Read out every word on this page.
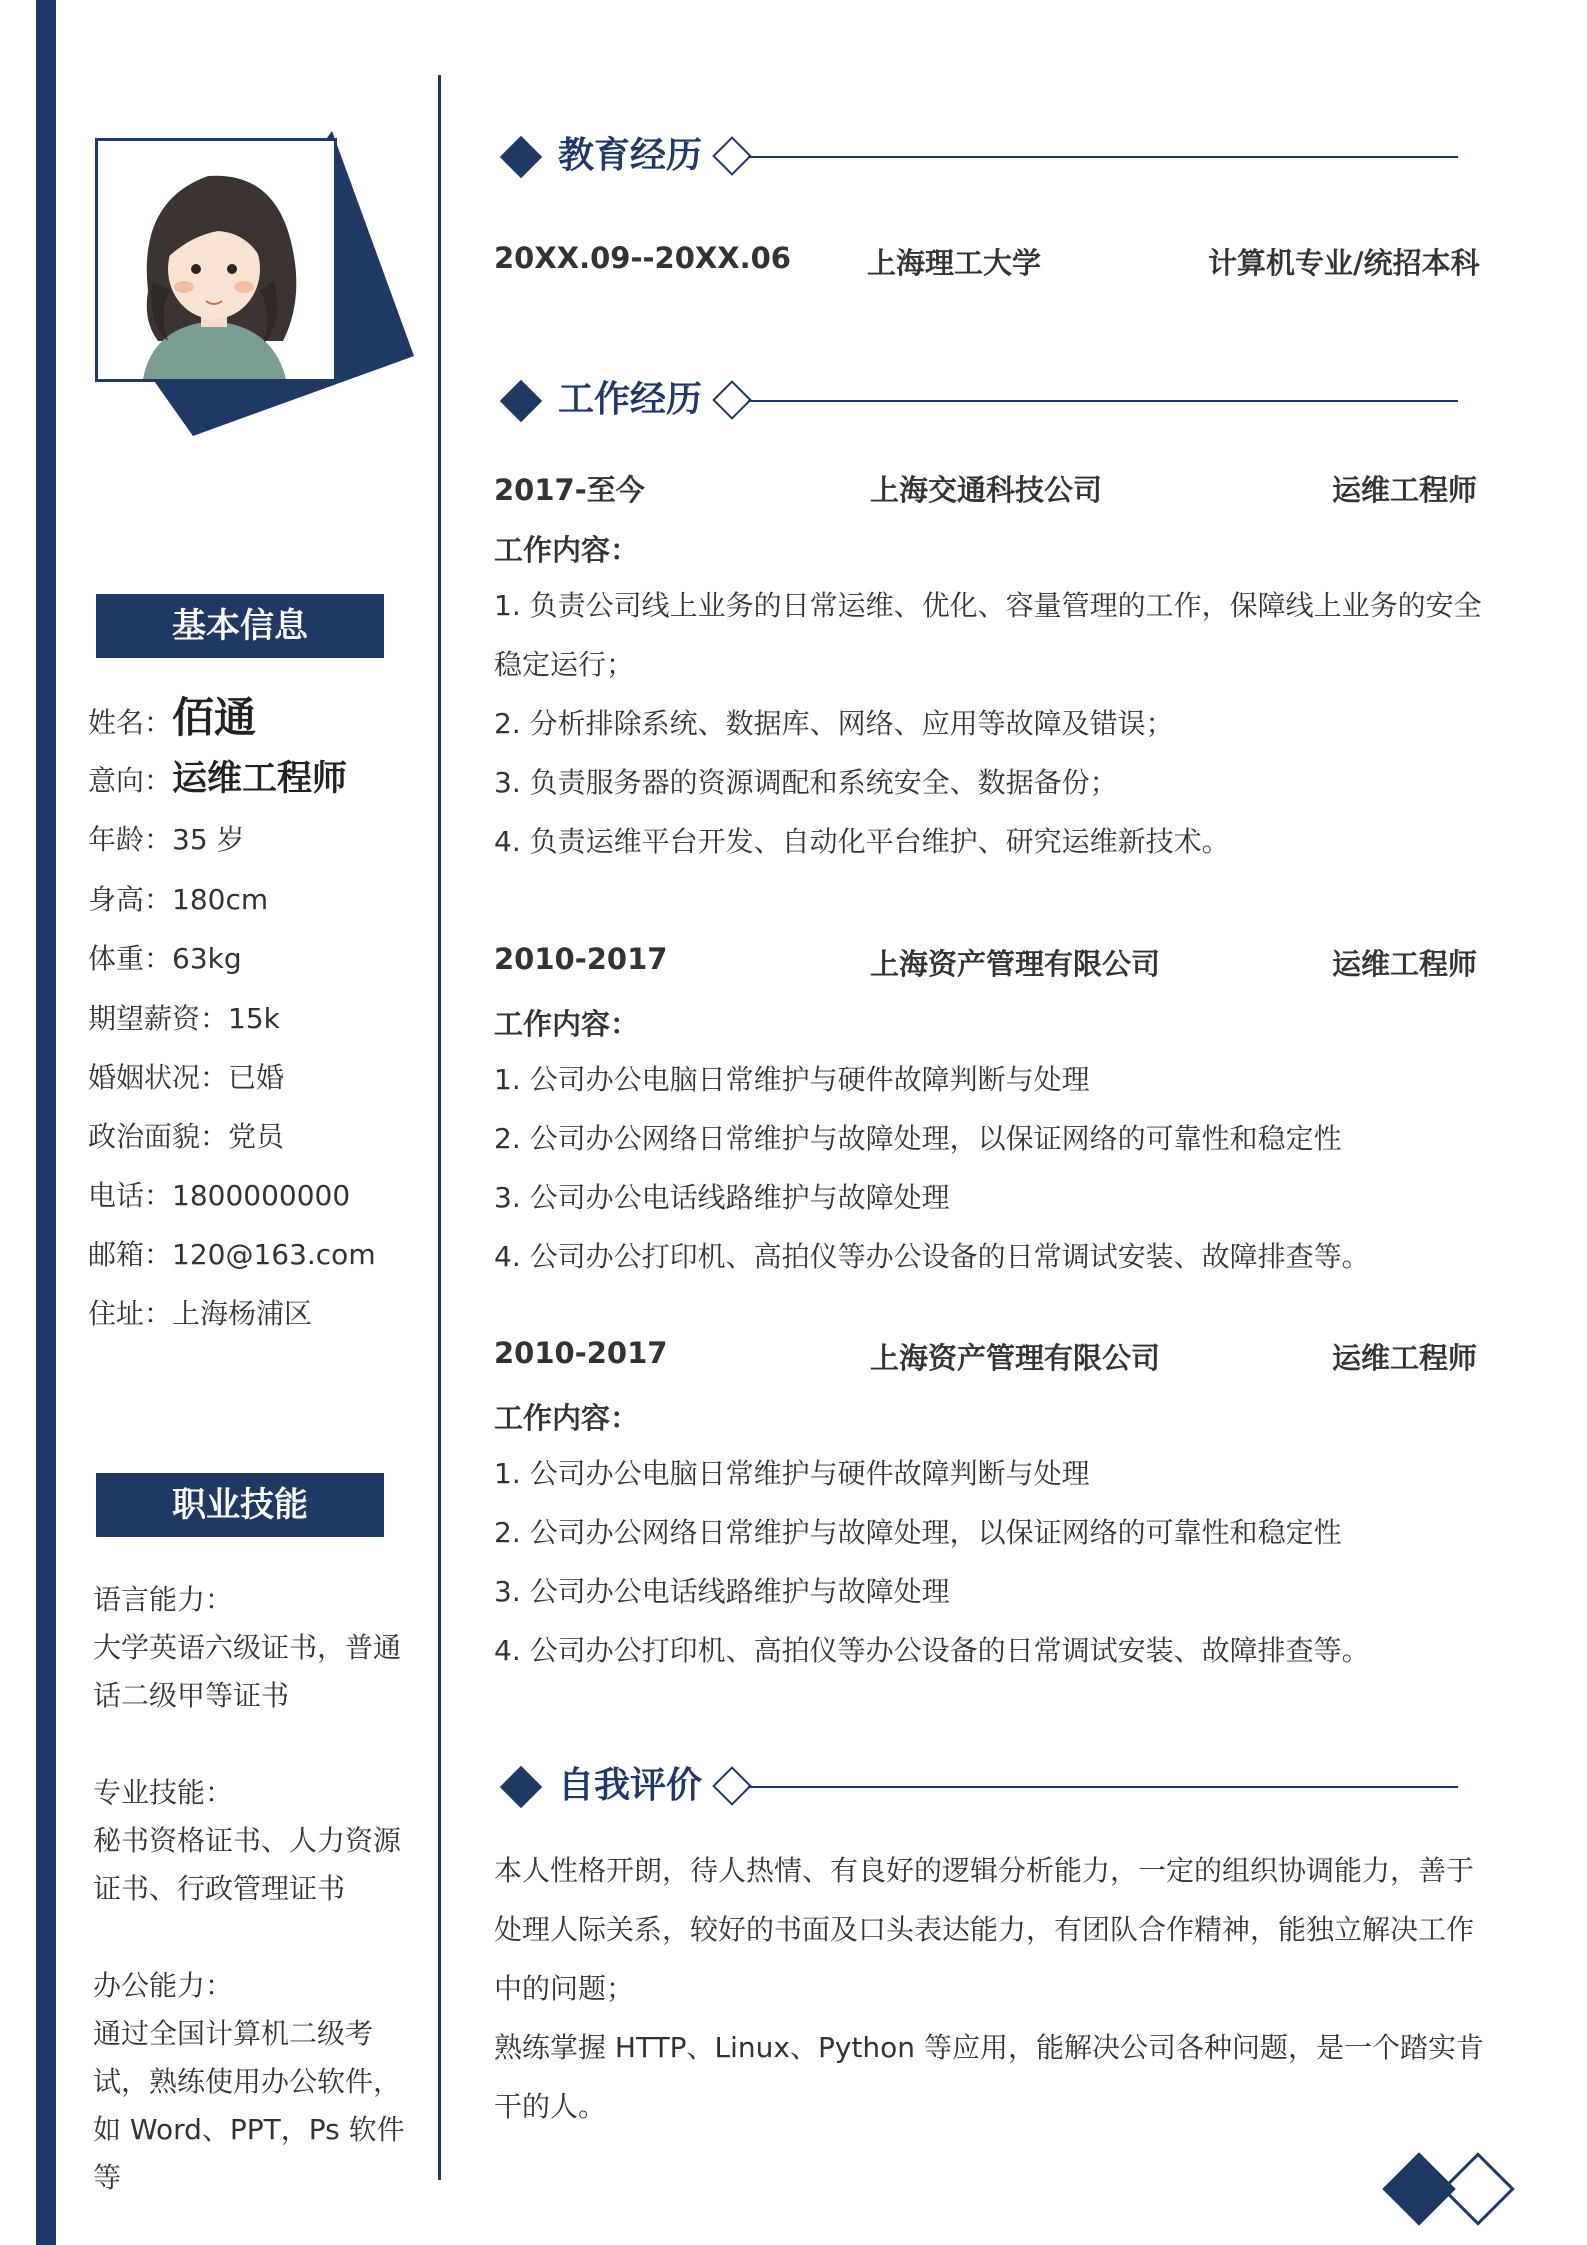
基本信息
姓名：佰通
意向：运维工程师
年龄：35 岁
身高：180cm
体重：63kg
期望薪资：15k
婚姻状况：已婚
政治面貌：党员
电话：1800000000
邮箱：120@163.com
住址：上海杨浦区
职业技能
语言能力：
大学英语六级证书，普通话二级甲等证书
专业技能：
秘书资格证书、人力资源证书、行政管理证书
办公能力：
通过全国计算机二级考试，熟练使用办公软件，如 Word、PPT，Ps 软件等
教育经历
20XX.09--20XX.06	上海理工大学	计算机专业/统招本科
工作经历
2017-至今	上海交通科技公司	运维工程师
工作内容：

1. 负责公司线上业务的日常运维、优化、容量管理的工作，保障线上业务的安全稳定运行；

2. 分析排除系统、数据库、网络、应用等故障及错误；

3. 负责服务器的资源调配和系统安全、数据备份；

4. 负责运维平台开发、自动化平台维护、研究运维新技术。

2010-2017	上海资产管理有限公司	运维工程师
工作内容：

1. 公司办公电脑日常维护与硬件故障判断与处理

2. 公司办公网络日常维护与故障处理，以保证网络的可靠性和稳定性

3. 公司办公电话线路维护与故障处理

4. 公司办公打印机、高拍仪等办公设备的日常调试安装、故障排查等。

2010-2017	上海资产管理有限公司	运维工程师
工作内容：

1. 公司办公电脑日常维护与硬件故障判断与处理

2. 公司办公网络日常维护与故障处理，以保证网络的可靠性和稳定性

3. 公司办公电话线路维护与故障处理

4. 公司办公打印机、高拍仪等办公设备的日常调试安装、故障排查等。

自我评价

本人性格开朗，待人热情、有良好的逻辑分析能力，一定的组织协调能力，善于处理人际关系，较好的书面及口头表达能力，有团队合作精神，能独立解决工作中的问题；

熟练掌握 HTTP、Linux、Python 等应用，能解决公司各种问题，是一个踏实肯干的人。
